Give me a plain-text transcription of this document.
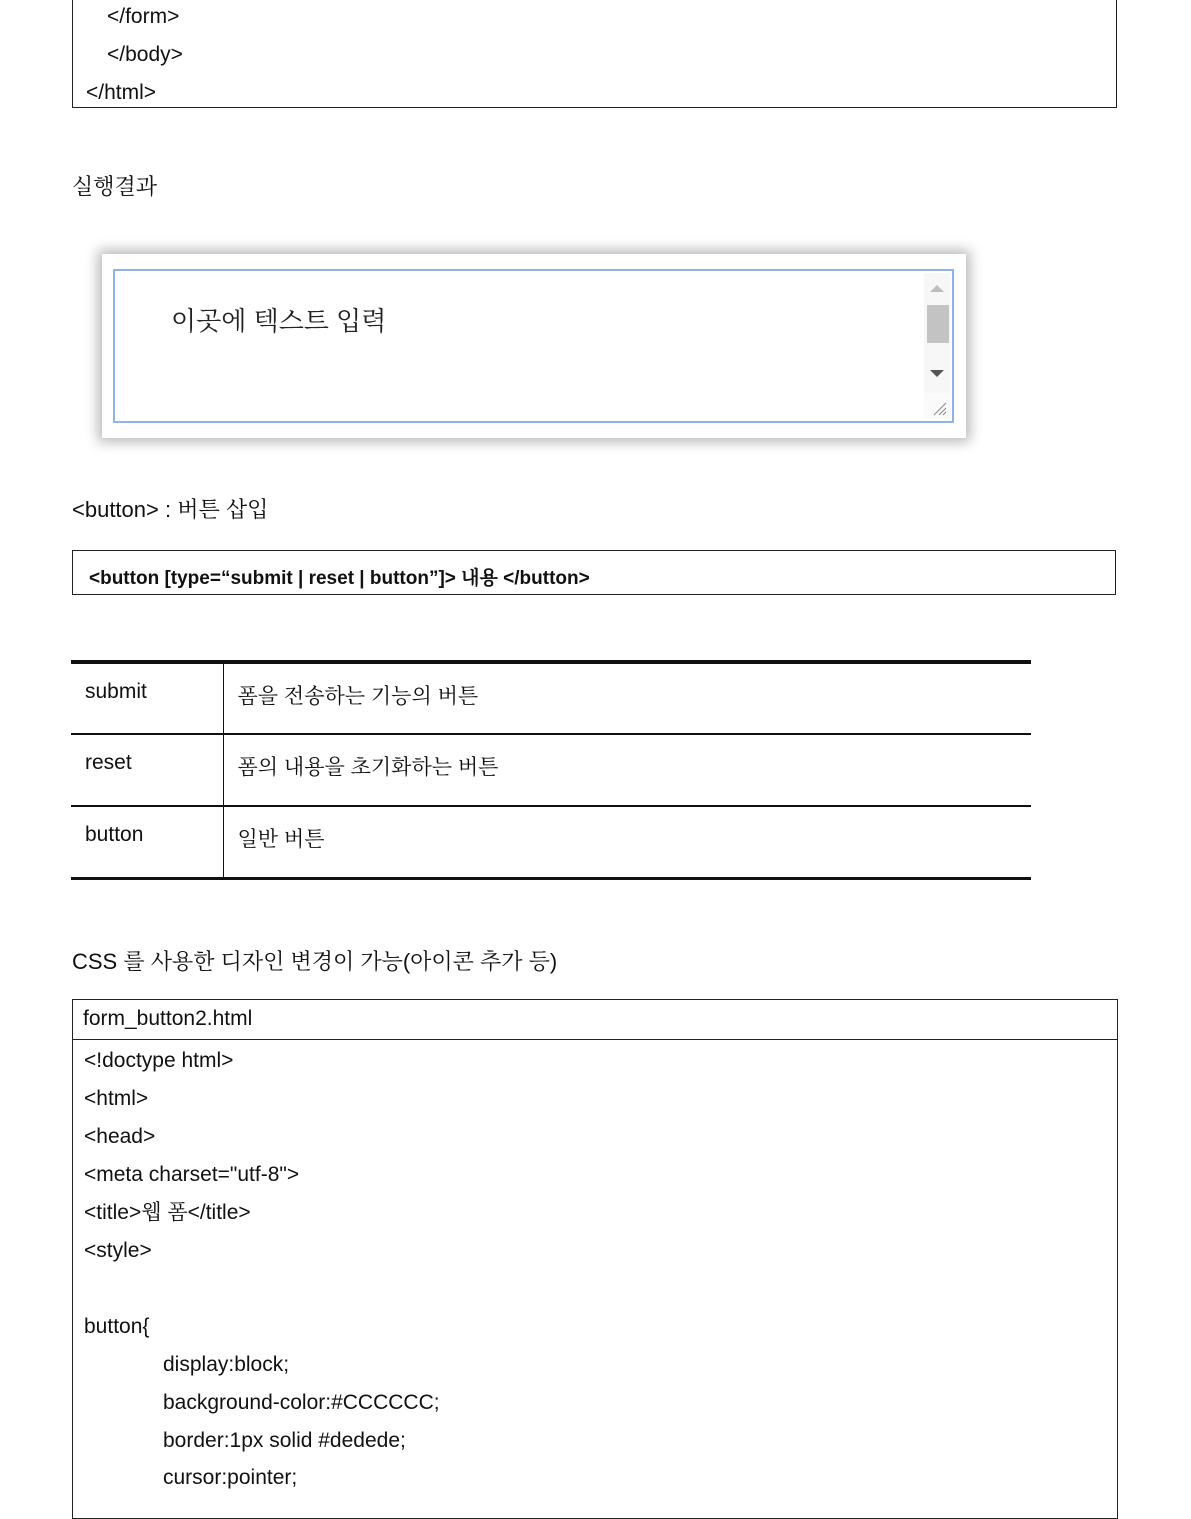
</form>
</body>
</html>
실행결과
이곳에 텍스트 입력
<button> : 버튼 삽입
<button [type=“submit | reset | button”]> 내용 </button>
submit	폼을 전송하는 기능의 버튼
reset	폼의 내용을 초기화하는 버튼
button	일반 버튼
CSS 를 사용한 디자인 변경이 가능(아이콘 추가 등)
form_button2.html
<!doctype html>
<html>
<head>
<meta charset="utf-8">
<title>웹 폼</title>
<style>
button{
display:block;
background-color:#CCCCCC;
border:1px solid #dedede;
cursor:pointer;
